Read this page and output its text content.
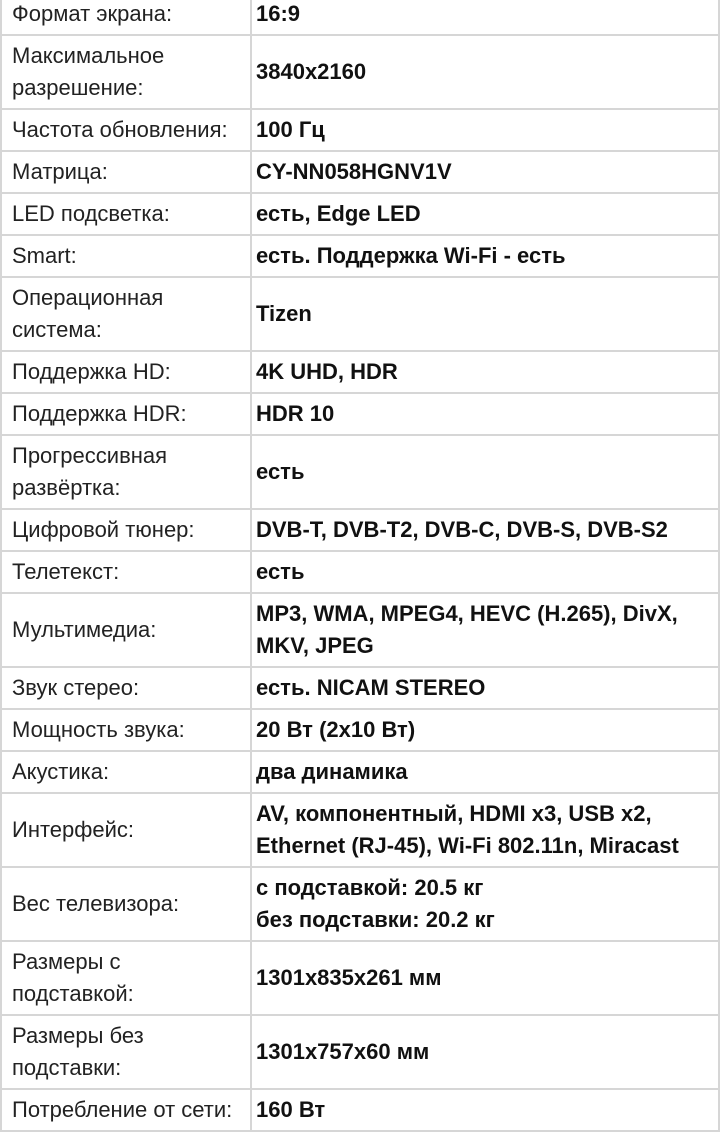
Формат экрана:	16:9
Максимальное разрешение:	3840x2160
Частота обновления:	100 Гц
Матрица:	CY-NN058HGNV1V
LED подсветка:	есть, Edge LED
Smart:	есть. Поддержка Wi-Fi - есть
Операционная система:	Tizen
Поддержка HD:	4K UHD, HDR
Поддержка HDR:	HDR 10
Прогрессивная развёртка:	есть
Цифровой тюнер:	DVB-T, DVB-T2, DVB-C, DVB-S, DVB-S2
Телетекст:	есть
Мультимедиа:	MP3, WMA, MPEG4, HEVC (H.265), DivX, MKV, JPEG
Звук стерео:	есть. NICAM STEREO
Мощность звука:	20 Вт (2x10 Вт)
Акустика:	два динамика
Интерфейс:	AV, компонентный, HDMI x3, USB x2, Ethernet (RJ-45), Wi-Fi 802.11n, Miracast
Вес телевизора:	с подставкой: 20.5 кг
без подставки: 20.2 кг

Размеры с подставкой:	1301x835x261 мм
Размеры без подставки:	1301x757x60 мм
Потребление от сети:	160 Вт
